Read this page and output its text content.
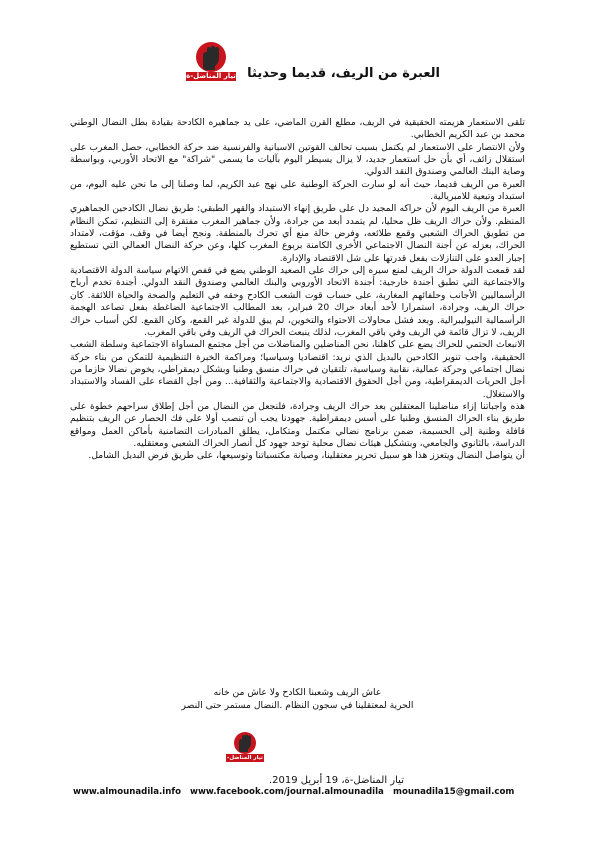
تيار المناضل-ة العبرة من الريف، قديما وحديثا

تلقى الاستعمار هزيمته الحقيقية في الريف، مطلع القرن الماضي، على يد جماهيره الكادحة بقيادة بطل النضال الوطني محمد بن عبد الكريم الخطابي.

ولأن الانتصار على الاستعمار لم يكتمل بسبب تحالف القوتين الاسبانية والفرنسية ضد حركة الخطابي، حصل المغرب على استقلال زائف، أي بأن حل استعمار جديد، لا يزال يسيطر اليوم بآليات ما يسمى "شراكة" مع الاتحاد الأوربي، وبواسطة وصاية البنك العالمي وصندوق النقد الدولي.

العبرة من الريف قديما، حيث أنه لو سارت الحركة الوطنية على نهج عبد الكريم، لما وصلنا إلى ما نحن عليه اليوم، من استبداد وتبعية للامبريالية.

العبرة من الريف اليوم لأن حراكه المجيد دل على طريق إنهاء الاستبداد والقهر الطبقي: طريق نضال الكادحين الجماهيري المنظم. ولأن حراك الريف ظل محليا، لم يتمدد أبعد من جرادة، ولأن جماهير المغرب مفتقرة إلى التنظيم، تمكن النظام من تطويق الحراك الشعبي وقمع طلائعه، وفرض حالة منع أي تحرك بالمنطقة. ونجح أيضا في وقف، مؤقت، لامتداد الحراك، بعزله عن أجنة النضال الاجتماعي الأخرى الكامنة بربوع المغرب كلها، وعن حركة النضال العمالي التي تستطيع إجبار العدو على التنازلات بفعل قدرتها على شل الاقتصاد والإدارة.

لقد قمعت الدولة حراك الريف لمنع سيره إلى حراك على الصعيد الوطني يضع في قفص الاتهام سياسة الدولة الاقتصادية والاجتماعية التي تطبق أجندة خارجية: أجندة الاتحاد الأوروبي والبنك العالمي وصندوق النقد الدولي. أجندة تخدم أرباح الرأسماليين الأجانب وحلفائهم المغاربة، على حساب قوت الشعب الكادح وحقه في التعليم والصحة والحياة اللائقة. كان حراك الريف، وجرادة، استمرارا لأحد أبعاد حراك 20 فبراير، بعد المطالب الاجتماعية الضاغطة بفعل تصاعد الهجمة الرأسمالية النيوليبرالية. وبعد فشل محاولات الاحتواء والتخوين، لم يبق للدولة غير القمع، وكان القمع. لكن أسباب حراك الريف، لا تزال قائمة في الريف وفي باقي المغرب، لذلك ينبعث الحراك في الريف وفي باقي المغرب.

الانبعاث الحتمي للحراك يضع على كاهلنا، نحن المناضلين والمناضلات من أجل مجتمع المساواة الاجتماعية وسلطة الشعب الحقيقية، واجب تنوير الكادحين بالبديل الذي نريد: اقتصاديا وسياسيا؛ ومراكمة الخبرة التنظيمية للتمكن من بناء حركة نضال اجتماعي وحركة عمالية، نقابية وسياسية، تلتقيان في حراك منسق وطنيا وبشكل ديمقراطي، يخوض نضالا حازما من أجل الحريات الديمقراطية، ومن أجل الحقوق الاقتصادية والاجتماعية والثقافية... ومن أجل القضاء على الفساد والاستبداد والاستغلال.

هذه واجباتنا إزاء مناضلينا المعتقلين بعد حراك الريف وجرادة، فلنجعل من النضال من أجل إطلاق سراحهم خطوة على طريق بناء الحراك المنسق وطنيا على أسس ديمقراطية. جهودنا يجب أن تنصب أولا على فك الحصار عن الريف بتنظيم قافلة وطنية إلى الحسيمة، ضمن برنامج نضالي مكتمل ومتكامل، يطلق المبادرات التضامنية بأماكن العمل ومواقع الدراسة، بالثانوي والجامعي، وبتشكيل هيئات نضال محلية توحد جهود كل أنصار الحراك الشعبي ومعتقليه.

أن يتواصل النضال ويتعزز هذا هو سبيل تحرير معتقلينا، وصيانة مكتسباتنا وتوسيعها، على طريق فرض البديل الشامل.

عاش الريف وشعبنا الكادح ولا عاش من خانه
الحرية لمعتقلينا في سجون النظام .النضال مستمر حتى النصر
تيار المناضل-ة
تيار المناضل-ة، 19 أبريل 2019.
www.almounadila.info www.facebook.com/journal.almounadila mounadila15@gmail.com
